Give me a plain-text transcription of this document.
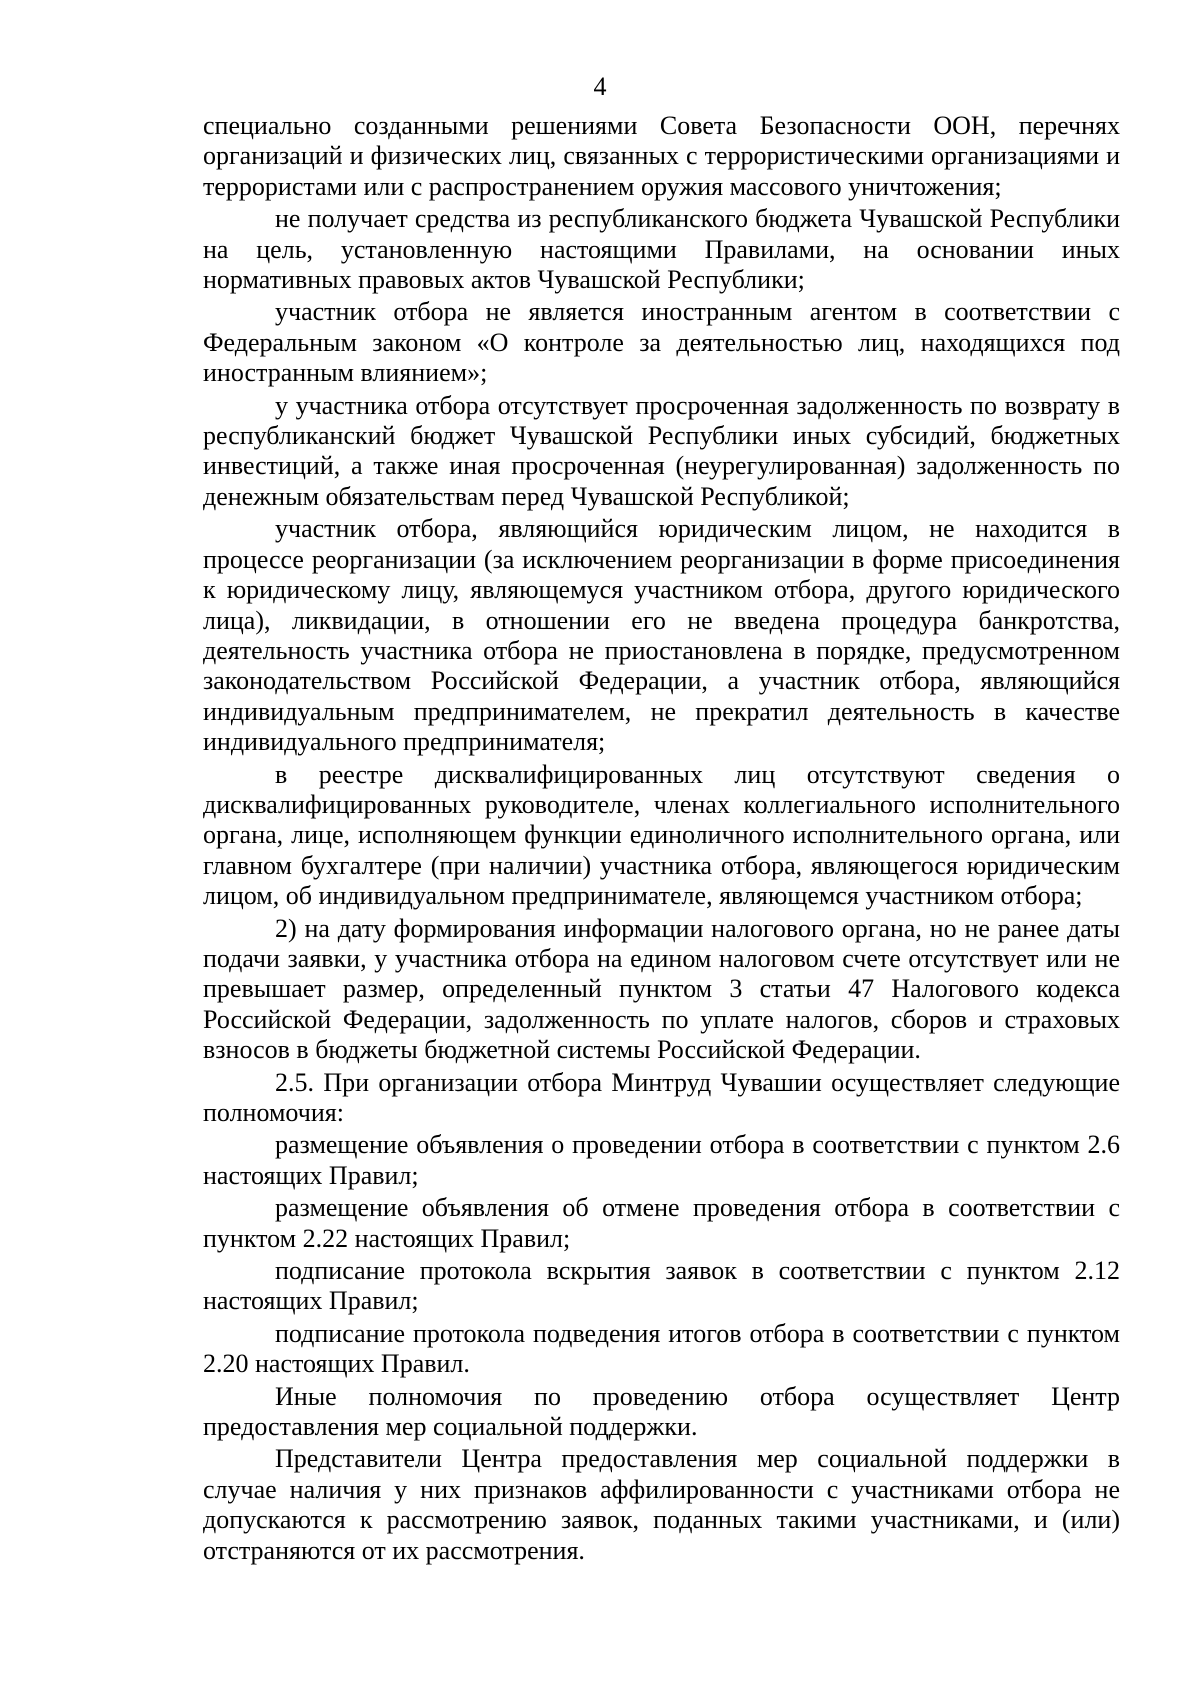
4

специально созданными решениями Совета Безопасности ООН, перечнях организаций и физических лиц, связанных с террористическими организациями и террористами или с распространением оружия массового уничтожения;

не получает средства из республиканского бюджета Чувашской Республики на цель, установленную настоящими Правилами, на основании иных нормативных правовых актов Чувашской Республики;

участник отбора не является иностранным агентом в соответствии с Федеральным законом «О контроле за деятельностью лиц, находящихся под иностранным влиянием»;

у участника отбора отсутствует просроченная задолженность по возврату в республиканский бюджет Чувашской Республики иных субсидий, бюджетных инвестиций, а также иная просроченная (неурегулированная) задолженность по денежным обязательствам перед Чувашской Республикой;

участник отбора, являющийся юридическим лицом, не находится в процессе реорганизации (за исключением реорганизации в форме присоединения к юридическому лицу, являющемуся участником отбора, другого юридического лица), ликвидации, в отношении его не введена процедура банкротства, деятельность участника отбора не приостановлена в порядке, предусмотренном законодательством Российской Федерации, а участник отбора, являющийся индивидуальным предпринимателем, не прекратил деятельность в качестве индивидуального предпринимателя;

в реестре дисквалифицированных лиц отсутствуют сведения о дисквалифицированных руководителе, членах коллегиального исполнительного органа, лице, исполняющем функции единоличного исполнительного органа, или главном бухгалтере (при наличии) участника отбора, являющегося юридическим лицом, об индивидуальном предпринимателе, являющемся участником отбора;

2) на дату формирования информации налогового органа, но не ранее даты подачи заявки, у участника отбора на едином налоговом счете отсутствует или не превышает размер, определенный пунктом 3 статьи 47 Налогового кодекса Российской Федерации, задолженность по уплате налогов, сборов и страховых взносов в бюджеты бюджетной системы Российской Федерации.

2.5. При организации отбора Минтруд Чувашии осуществляет следующие полномочия:

размещение объявления о проведении отбора в соответствии с пунктом 2.6 настоящих Правил;

размещение объявления об отмене проведения отбора в соответствии с пунктом 2.22 настоящих Правил;

подписание протокола вскрытия заявок в соответствии с пунктом 2.12 настоящих Правил;

подписание протокола подведения итогов отбора в соответствии с пунктом 2.20 настоящих Правил.

Иные полномочия по проведению отбора осуществляет Центр предоставления мер социальной поддержки.

Представители Центра предоставления мер социальной поддержки в случае наличия у них признаков аффилированности с участниками отбора не допускаются к рассмотрению заявок, поданных такими участниками, и (или) отстраняются от их рассмотрения.
